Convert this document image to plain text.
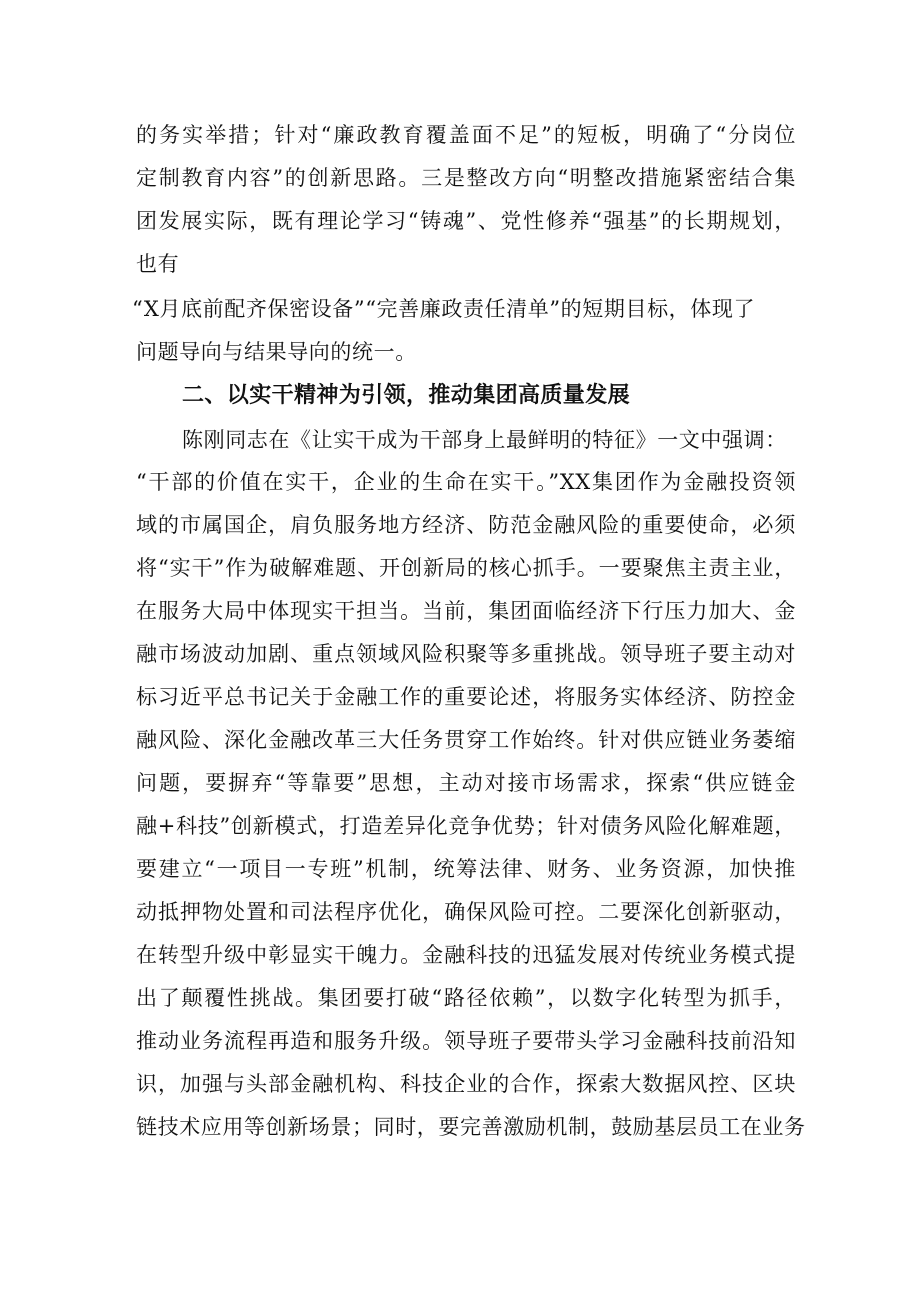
的务实举措；针对“廉政教育覆盖面不足”的短板，明确了“分岗位
定制教育内容”的创新思路。三是整改方向“明整改措施紧密结合集
团发展实际，既有理论学习“铸魂”、党性修养“强基”的长期规划，
也有
“X月底前配齐保密设备”“完善廉政责任清单”的短期目标，体现了
问题导向与结果导向的统一。
二、以实干精神为引领，推动集团高质量发展
陈刚同志在《让实干成为干部身上最鲜明的特征》一文中强调：
“干部的价值在实干，企业的生命在实干。”XX集团作为金融投资领
域的市属国企，肩负服务地方经济、防范金融风险的重要使命，必须
将“实干”作为破解难题、开创新局的核心抓手。一要聚焦主责主业，
在服务大局中体现实干担当。当前，集团面临经济下行压力加大、金
融市场波动加剧、重点领域风险积聚等多重挑战。领导班子要主动对
标习近平总书记关于金融工作的重要论述，将服务实体经济、防控金
融风险、深化金融改革三大任务贯穿工作始终。针对供应链业务萎缩
问题，要摒弃“等靠要”思想，主动对接市场需求，探索“供应链金
融+科技”创新模式，打造差异化竞争优势；针对债务风险化解难题，
要建立“一项目一专班”机制，统筹法律、财务、业务资源，加快推
动抵押物处置和司法程序优化，确保风险可控。二要深化创新驱动，
在转型升级中彰显实干魄力。金融科技的迅猛发展对传统业务模式提
出了颠覆性挑战。集团要打破“路径依赖”，以数字化转型为抓手，
推动业务流程再造和服务升级。领导班子要带头学习金融科技前沿知
识，加强与头部金融机构、科技企业的合作，探索大数据风控、区块
链技术应用等创新场景；同时，要完善激励机制，鼓励基层员工在业务
